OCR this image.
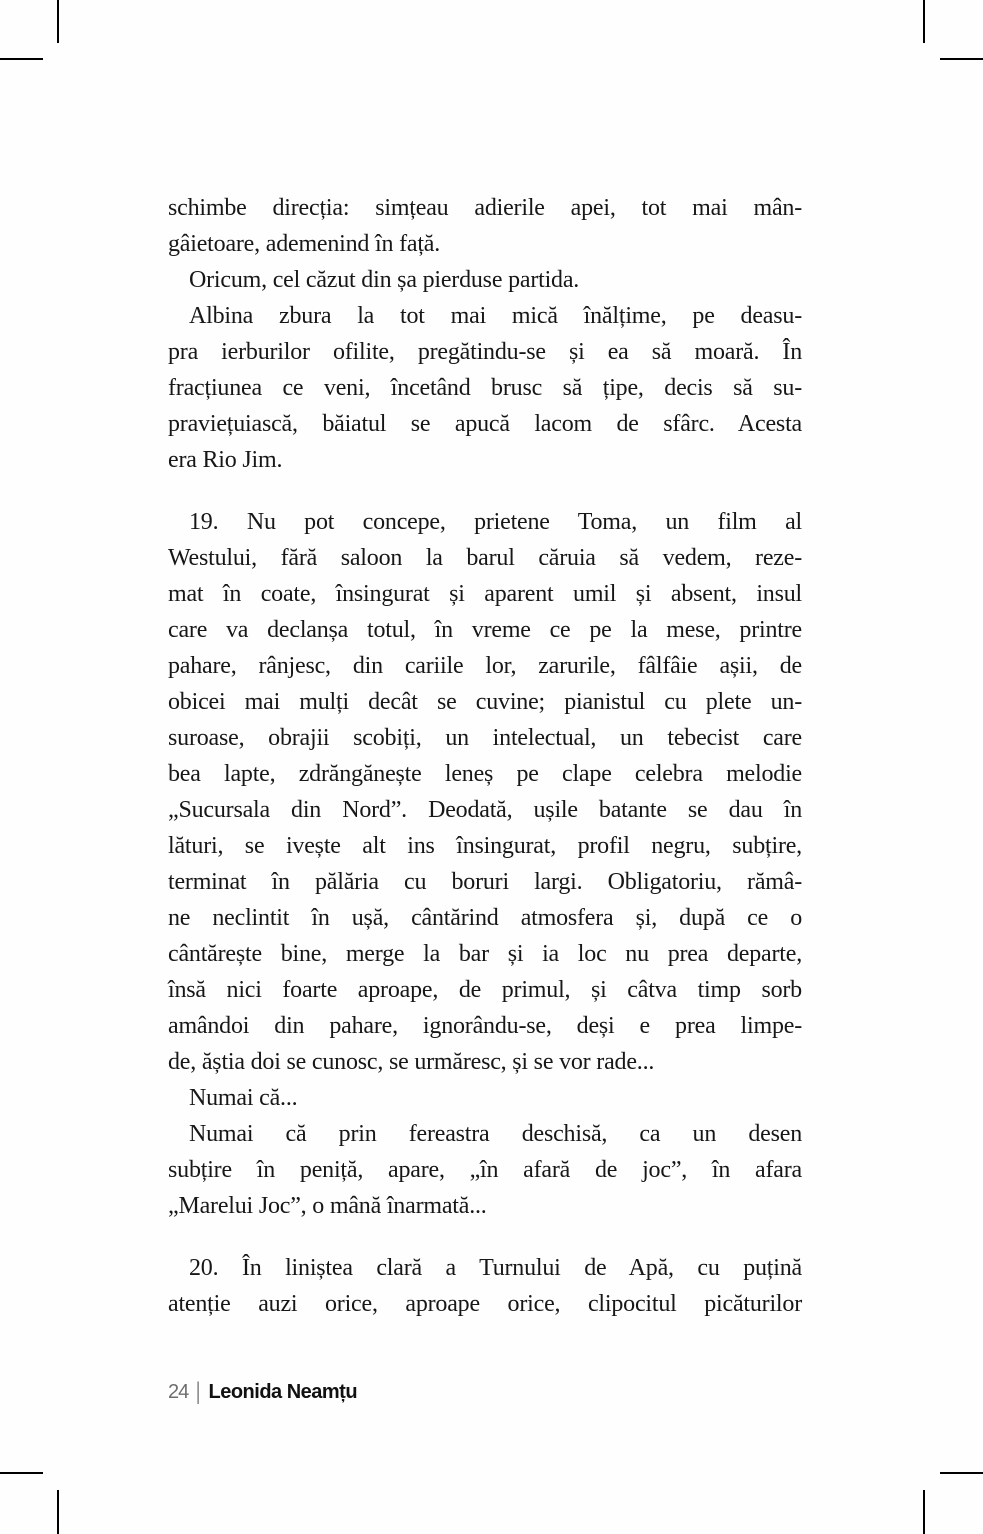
schimbe direcția: simțeau adierile apei, tot mai mân-
gâietoare, ademenind în față.
Oricum, cel căzut din șa pierduse partida.
Albina zbura la tot mai mică înălțime, pe deasu-
pra ierburilor ofilite, pregătindu-se și ea să moară. În
fracțiunea ce veni, încetând brusc să țipe, decis să su-
praviețuiască, băiatul se apucă lacom de sfârc. Acesta
era Rio Jim.
19. Nu pot concepe, prietene Toma, un film al
Westului, fără saloon la barul căruia să vedem, reze-
mat în coate, însingurat și aparent umil și absent, insul
care va declanșa totul, în vreme ce pe la mese, printre
pahare, rânjesc, din cariile lor, zarurile, fâlfâie așii, de
obicei mai mulți decât se cuvine; pianistul cu plete un-
suroase, obrajii scobiți, un intelectual, un tebecist care
bea lapte, zdrăngănește leneș pe clape celebra melodie
„Sucursala din Nord”. Deodată, ușile batante se dau în
lături, se ivește alt ins însingurat, profil negru, subțire,
terminat în pălăria cu boruri largi. Obligatoriu, rămâ-
ne neclintit în ușă, cântărind atmosfera și, după ce o
cântărește bine, merge la bar și ia loc nu prea departe,
însă nici foarte aproape, de primul, și câtva timp sorb
amândoi din pahare, ignorându-se, deși e prea limpe-
de, ăștia doi se cunosc, se urmăresc, și se vor rade...
Numai că...
Numai că prin fereastra deschisă, ca un desen
subțire în peniță, apare, „în afară de joc”, în afara
„Marelui Joc”, o mână înarmată...
20. În liniștea clară a Turnului de Apă, cu puțină
atenție auzi orice, aproape orice, clipocitul picăturilor
24 | Leonida Neamțu
